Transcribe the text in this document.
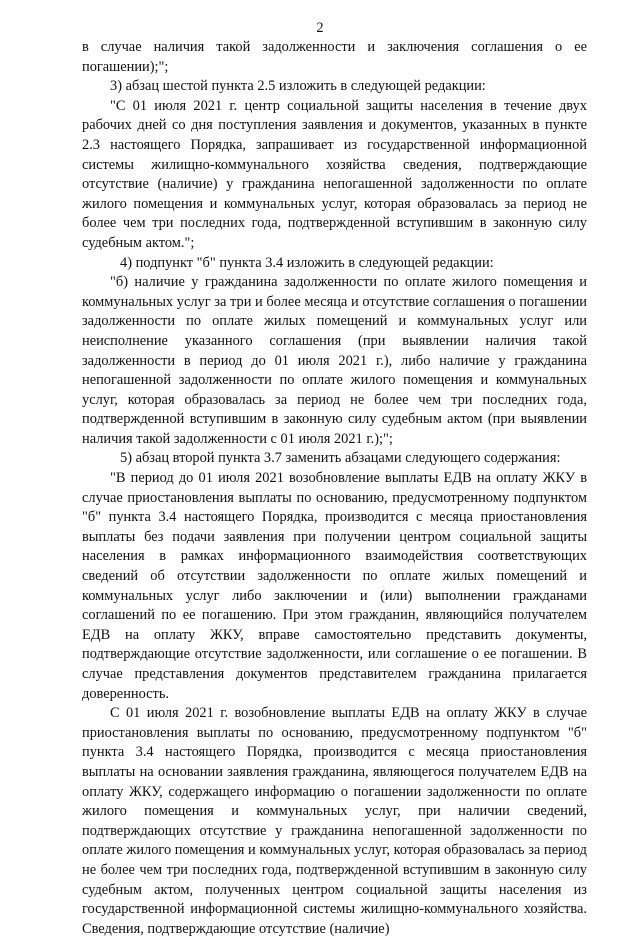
2

в случае наличия такой задолженности и заключения соглашения о ее погашении);";

3) абзац шестой пункта 2.5 изложить в следующей редакции:

"С 01 июля 2021 г. центр социальной защиты населения в течение двух рабочих дней со дня поступления заявления и документов, указанных в пункте 2.3 настоящего Порядка, запрашивает из государственной информационной системы жилищно-коммунального хозяйства сведения, подтверждающие отсутствие (наличие) у гражданина непогашенной задолженности по оплате жилого помещения и коммунальных услуг, которая образовалась за период не более чем три последних года, подтвержденной вступившим в законную силу судебным актом.";

4) подпункт "б" пункта 3.4 изложить в следующей редакции:

"б) наличие у гражданина задолженности по оплате жилого помещения и коммунальных услуг за три и более месяца и отсутствие соглашения о погашении задолженности по оплате жилых помещений и коммунальных услуг или неисполнение указанного соглашения (при выявлении наличия такой задолженности в период до 01 июля 2021 г.), либо наличие у гражданина непогашенной задолженности по оплате жилого помещения и коммунальных услуг, которая образовалась за период не более чем три последних года, подтвержденной вступившим в законную силу судебным актом (при выявлении наличия такой задолженности с 01 июля 2021 г.);";

5) абзац второй пункта 3.7 заменить абзацами следующего содержания:

"В период до 01 июля 2021 возобновление выплаты ЕДВ на оплату ЖКУ в случае приостановления выплаты по основанию, предусмотренному подпунктом "б" пункта 3.4 настоящего Порядка, производится с месяца приостановления выплаты без подачи заявления при получении центром социальной защиты населения в рамках информационного взаимодействия соответствующих сведений об отсутствии задолженности по оплате жилых помещений и коммунальных услуг либо заключении и (или) выполнении гражданами соглашений по ее погашению. При этом гражданин, являющийся получателем ЕДВ на оплату ЖКУ, вправе самостоятельно представить документы, подтверждающие отсутствие задолженности, или соглашение о ее погашении. В случае представления документов представителем гражданина прилагается доверенность.

С 01 июля 2021 г. возобновление выплаты ЕДВ на оплату ЖКУ в случае приостановления выплаты по основанию, предусмотренному подпунктом "б" пункта 3.4 настоящего Порядка, производится с месяца приостановления выплаты на основании заявления гражданина, являющегося получателем ЕДВ на оплату ЖКУ, содержащего информацию о погашении задолженности по оплате жилого помещения и коммунальных услуг, при наличии сведений, подтверждающих отсутствие у гражданина непогашенной задолженности по оплате жилого помещения и коммунальных услуг, которая образовалась за период не более чем три последних года, подтвержденной вступившим в законную силу судебным актом, полученных центром социальной защиты населения из государственной информационной системы жилищно-коммунального хозяйства. Сведения, подтверждающие отсутствие (наличие)
